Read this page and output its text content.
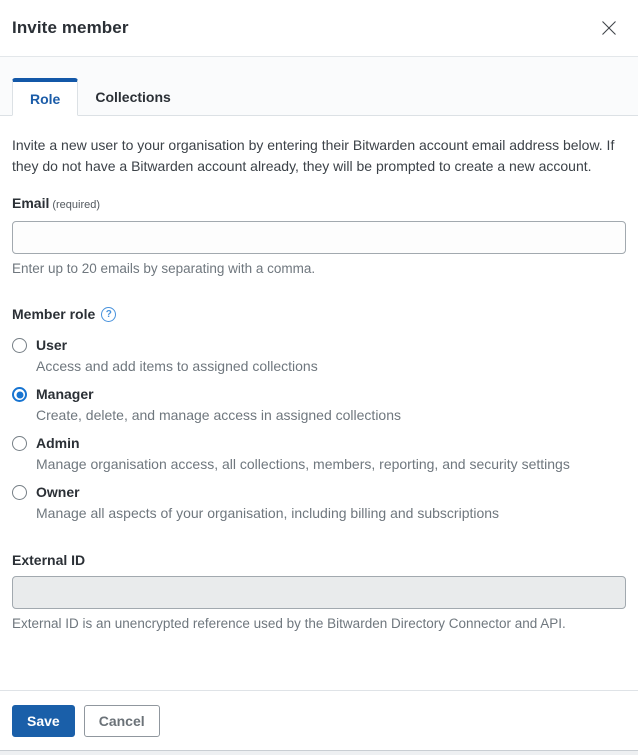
Invite member
Role	Collections

Invite a new user to your organisation by entering their Bitwarden account email address below. If they do not have a Bitwarden account already, they will be prompted to create a new account.

Email (required)
Enter up to 20 emails by separating with a comma.
Member role	?
User
Access and add items to assigned collections
Manager
Create, delete, and manage access in assigned collections
Admin
Manage organisation access, all collections, members, reporting, and security settings
Owner
Manage all aspects of your organisation, including billing and subscriptions
External ID
External ID is an unencrypted reference used by the Bitwarden Directory Connector and API.
Save	Cancel
